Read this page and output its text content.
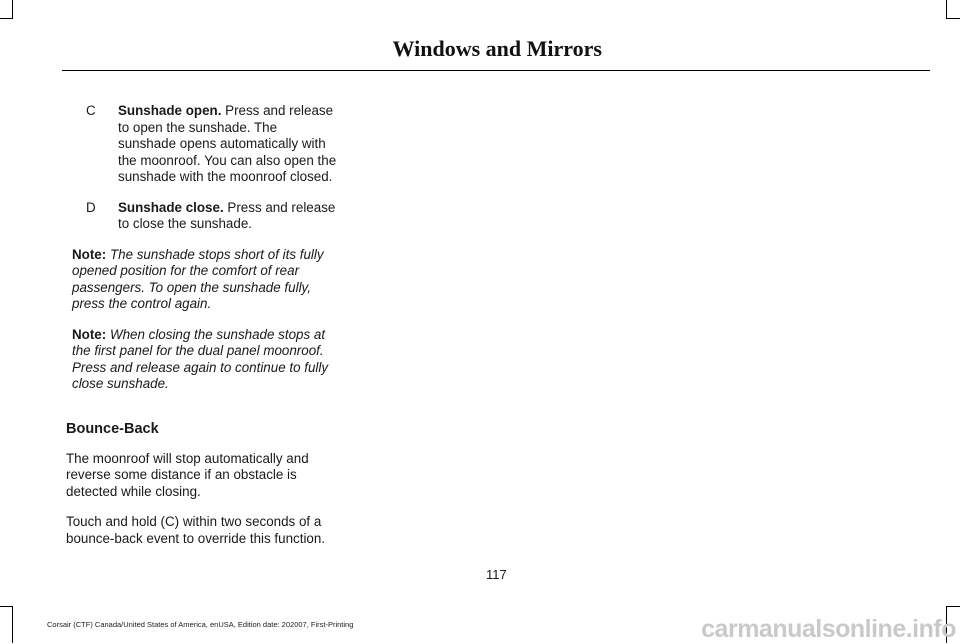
Windows and Mirrors
C	Sunshade open. Press and release to open the sunshade. The sunshade opens automatically with the moonroof. You can also open the sunshade with the moonroof closed.
D	Sunshade close. Press and release to close the sunshade.

Note: The sunshade stops short of its fully opened position for the comfort of rear passengers. To open the sunshade fully, press the control again.

Note: When closing the sunshade stops at the first panel for the dual panel moonroof. Press and release again to continue to fully close sunshade.

Bounce-Back

The moonroof will stop automatically and reverse some distance if an obstacle is detected while closing.

Touch and hold (C) within two seconds of a bounce-back event to override this function.

117
Corsair (CTF) Canada/United States of America, enUSA, Edition date: 202007, First-Printing	carmanualsonline.info
